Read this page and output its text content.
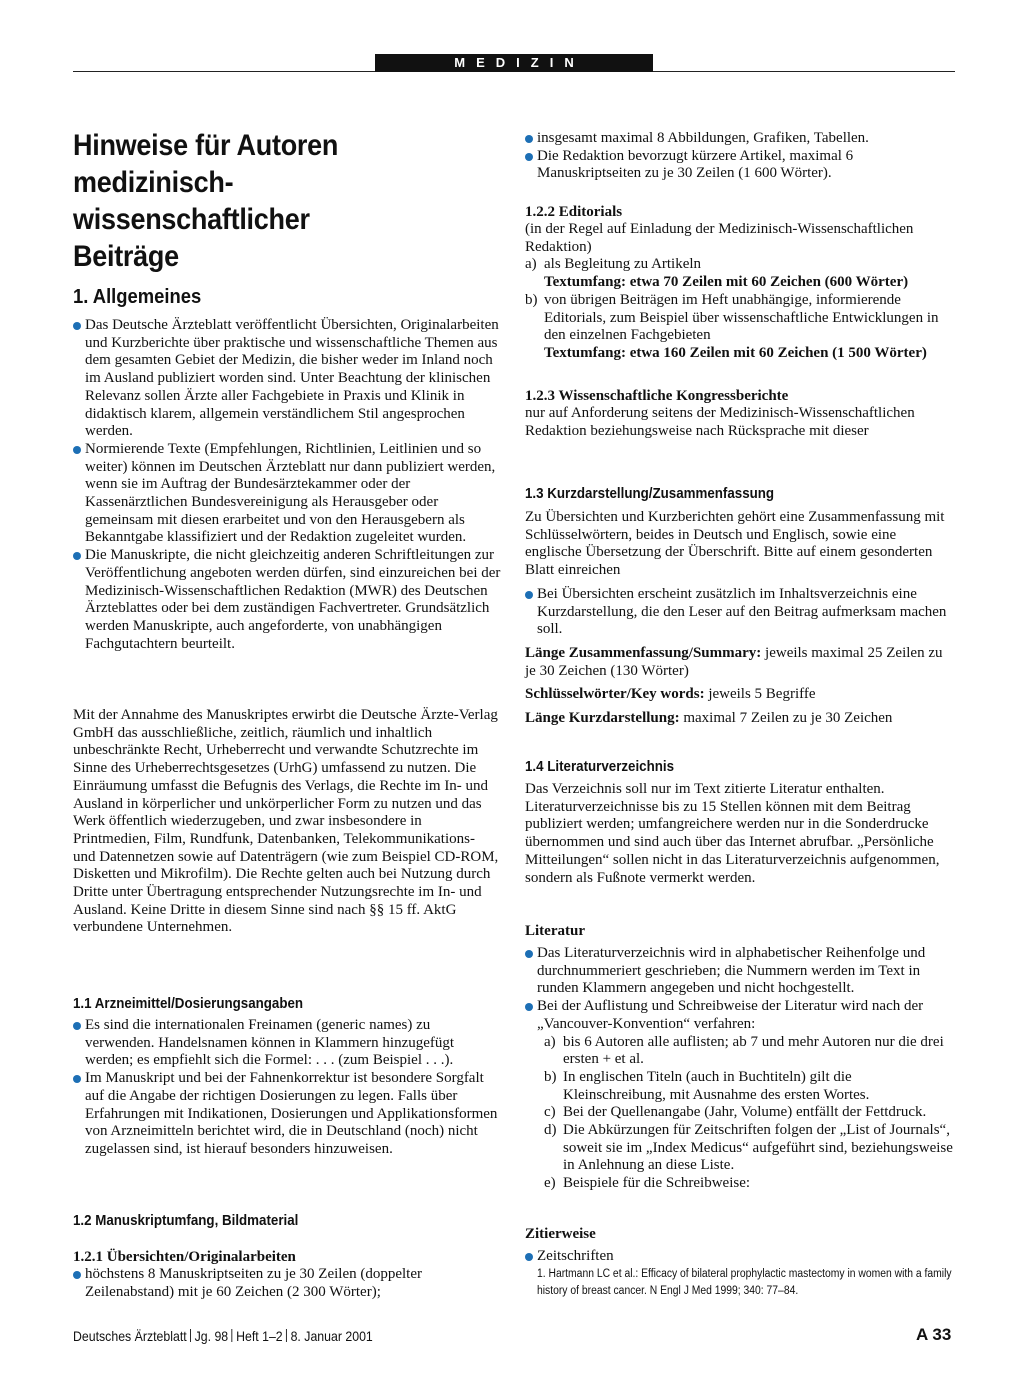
MEDIZIN
Hinweise für Autoren
medizinisch-wissenschaftlicher
Beiträge
1. Allgemeines
Das Deutsche Ärzteblatt veröffentlicht Übersichten, Originalarbeiten und Kurzberichte über praktische und wissenschaftliche Themen aus dem gesamten Gebiet der Medizin, die bisher weder im Inland noch im Ausland publiziert worden sind. Unter Beachtung der klinischen Relevanz sollen Ärzte aller Fachgebiete in Praxis und Klinik in didaktisch klarem, allgemein verständlichem Stil angesprochen werden.
Normierende Texte (Empfehlungen, Richtlinien, Leitlinien und so weiter) können im Deutschen Ärzteblatt nur dann publiziert werden, wenn sie im Auftrag der Bundesärztekammer oder der Kassenärztlichen Bundesvereinigung als Herausgeber oder gemeinsam mit diesen erarbeitet und von den Herausgebern als Bekanntgabe klassifiziert und der Redaktion zugeleitet wurden.
Die Manuskripte, die nicht gleichzeitig anderen Schriftleitungen zur Veröffentlichung angeboten werden dürfen, sind einzureichen bei der Medizinisch-Wissenschaftlichen Redaktion (MWR) des Deutschen Ärzteblattes oder bei dem zuständigen Fachvertreter. Grundsätzlich werden Manuskripte, auch angeforderte, von unabhängigen Fachgutachtern beurteilt.

Mit der Annahme des Manuskriptes erwirbt die Deutsche Ärzte-Verlag GmbH das ausschließliche, zeitlich, räumlich und inhaltlich unbeschränkte Recht, Urheberrecht und verwandte Schutzrechte im Sinne des Urheberrechtsgesetzes (UrhG) umfassend zu nutzen. Die Einräumung umfasst die Befugnis des Verlags, die Rechte im In- und Ausland in körperlicher und unkörperlicher Form zu nutzen und das Werk öffentlich wiederzugeben, und zwar insbesondere in Printmedien, Film, Rundfunk, Datenbanken, Telekommunikations- und Datennetzen sowie auf Datenträgern (wie zum Beispiel CD-ROM, Disketten und Mikrofilm). Die Rechte gelten auch bei Nutzung durch Dritte unter Übertragung entsprechender Nutzungsrechte im In- und Ausland. Keine Dritte in diesem Sinne sind nach §§ 15 ff. AktG verbundene Unternehmen.

1.1 Arzneimittel/Dosierungsangaben
Es sind die internationalen Freinamen (generic names) zu verwenden. Handelsnamen können in Klammern hinzugefügt werden; es empfiehlt sich die Formel: . . . (zum Beispiel . . .).
Im Manuskript und bei der Fahnenkorrektur ist besondere Sorgfalt auf die Angabe der richtigen Dosierungen zu legen. Falls über Erfahrungen mit Indikationen, Dosierungen und Applikationsformen von Arzneimitteln berichtet wird, die in Deutschland (noch) nicht zugelassen sind, ist hierauf besonders hinzuweisen.
1.2 Manuskriptumfang, Bildmaterial
1.2.1 Übersichten/Originalarbeiten
höchstens 8 Manuskriptseiten zu je 30 Zeilen (doppelter Zeilenabstand) mit je 60 Zeichen (2 300 Wörter);
insgesamt maximal 8 Abbildungen, Grafiken, Tabellen.
Die Redaktion bevorzugt kürzere Artikel, maximal 6 Manuskriptseiten zu je 30 Zeilen (1 600 Wörter).
1.2.2 Editorials

(in der Regel auf Einladung der Medizinisch-Wissenschaftlichen Redaktion)

a) als Begleitung zu Artikeln
Textumfang: etwa 70 Zeilen mit 60 Zeichen (600 Wörter)
b) von übrigen Beiträgen im Heft unabhängige, informierende Editorials, zum Beispiel über wissenschaftliche Entwicklungen in den einzelnen Fachgebieten
Textumfang: etwa 160 Zeilen mit 60 Zeichen (1 500 Wörter)
1.2.3 Wissenschaftliche Kongressberichte

nur auf Anforderung seitens der Medizinisch-Wissenschaftlichen Redaktion beziehungsweise nach Rücksprache mit dieser

1.3 Kurzdarstellung/Zusammenfassung

Zu Übersichten und Kurzberichten gehört eine Zusammenfassung mit Schlüsselwörtern, beides in Deutsch und Englisch, sowie eine englische Übersetzung der Überschrift. Bitte auf einem gesonderten Blatt einreichen

Bei Übersichten erscheint zusätzlich im Inhaltsverzeichnis eine Kurzdarstellung, die den Leser auf den Beitrag aufmerksam machen soll.

Länge Zusammenfassung/Summary: jeweils maximal 25 Zeilen zu je 30 Zeichen (130 Wörter)

Schlüsselwörter/Key words: jeweils 5 Begriffe

Länge Kurzdarstellung: maximal 7 Zeilen zu je 30 Zeichen

1.4 Literaturverzeichnis

Das Verzeichnis soll nur im Text zitierte Literatur enthalten. Literaturverzeichnisse bis zu 15 Stellen können mit dem Beitrag publiziert werden; umfangreichere werden nur in die Sonderdrucke übernommen und sind auch über das Internet abrufbar. „Persönliche Mitteilungen“ sollen nicht in das Literaturverzeichnis aufgenommen, sondern als Fußnote vermerkt werden.

Literatur
Das Literaturverzeichnis wird in alphabetischer Reihenfolge und durchnummeriert geschrieben; die Nummern werden im Text in runden Klammern angegeben und nicht hochgestellt.
Bei der Auflistung und Schreibweise der Literatur wird nach der „Vancouver-Konvention“ verfahren:
a) bis 6 Autoren alle auflisten; ab 7 und mehr Autoren nur die drei ersten + et al.
b) In englischen Titeln (auch in Buchtiteln) gilt die Kleinschreibung, mit Ausnahme des ersten Wortes.
c) Bei der Quellenangabe (Jahr, Volume) entfällt der Fettdruck.
d) Die Abkürzungen für Zeitschriften folgen der „List of Journals“, soweit sie im „Index Medicus“ aufgeführt sind, beziehungsweise in Anlehnung an diese Liste.
e) Beispiele für die Schreibweise:
Zitierweise
Zeitschriften

1. Hartmann LC et al.: Efficacy of bilateral prophylactic mastectomy in women with a family history of breast cancer. N Engl J Med 1999; 340: 77–84.

Deutsches Ärzteblatt Jg. 98 Heft 1–2 8. Januar 2001	A 33
